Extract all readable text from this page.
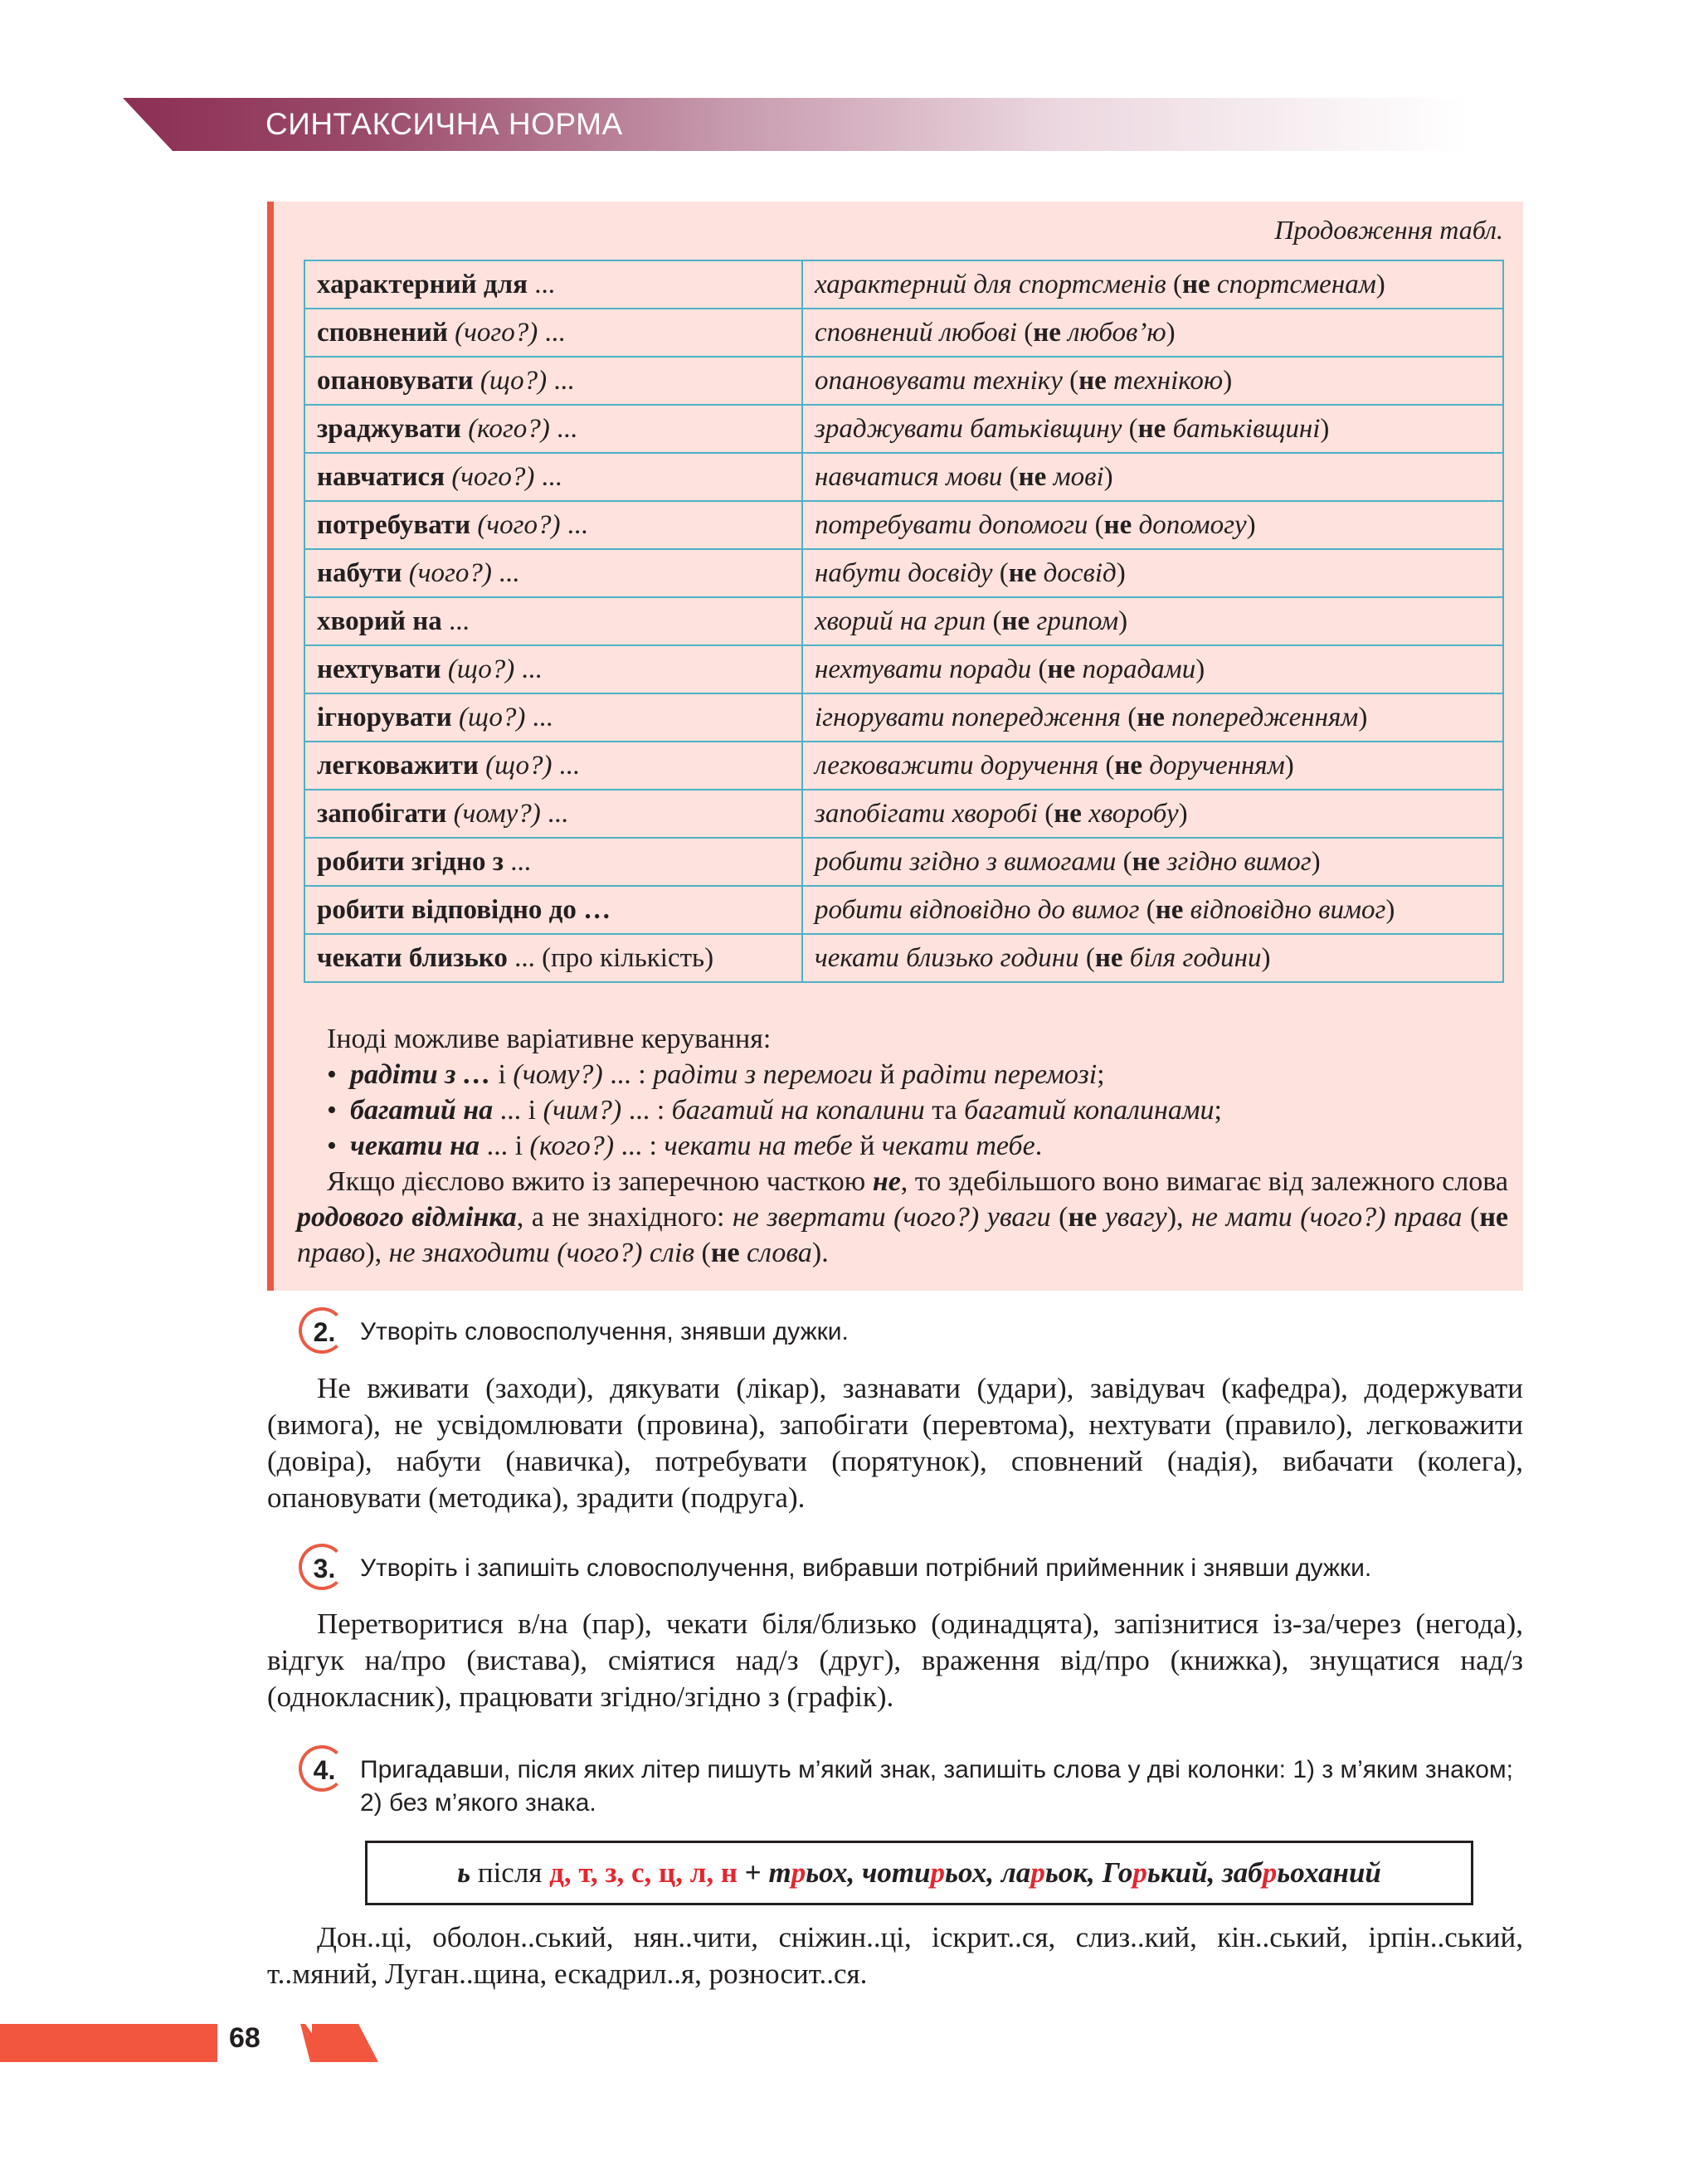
СИНТАКСИЧНА НОРМА
Продовження табл.
характерний для ...	характерний для спортсменів (не спортсменам)
сповнений (чого?) ...	сповнений любові (не любов’ю)
опановувати (що?) ...	опановувати техніку (не технікою)
зраджувати (кого?) ...	зраджувати батьківщину (не батьківщині)
навчатися (чого?) ...	навчатися мови (не мові)
потребувати (чого?) ...	потребувати допомоги (не допомогу)
набути (чого?) ...	набути досвіду (не досвід)
хворий на ...	хворий на грип (не грипом)
нехтувати (що?) ...	нехтувати поради (не порадами)
ігнорувати (що?) ...	ігнорувати попередження (не попередженням)
легковажити (що?) ...	легковажити доручення (не дорученням)
запобігати (чому?) ...	запобігати хворобі (не хворобу)
робити згідно з ...	робити згідно з вимогами (не згідно вимог)
робити відповідно до …	робити відповідно до вимог (не відповідно вимог)
чекати близько ... (про кількість)	чекати близько години (не біля години)

Іноді можливе варіативне керування:

• радіти з … і (чому?) ... : радіти з перемоги й радіти перемозі;

• багатий на ... і (чим?) ... : багатий на копалини та багатий копалинами;

• чекати на ... і (кого?) ... : чекати на тебе й чекати тебе.

Якщо дієслово вжито із заперечною часткою не, то здебільшого воно вимагає від залежного слова родового відмінка, а не знахідного: не звертати (чого?) уваги (не увагу), не мати (чого?) права (не право), не знаходити (чого?) слів (не слова).

2. Утворіть словосполучення, знявши дужки.
Не вживати (заходи), дякувати (лікар), зазнавати (удари), завідувач (кафедра), додержувати (вимога), не усвідомлювати (провина), запобігати (перевтома), нехтувати (правило), легковажити (довіра), набути (навичка), потребувати (порятунок), сповнений (надія), вибачати (колега), опановувати (методика), зрадити (подруга).
3. Утворіть і запишіть словосполучення, вибравши потрібний прийменник і знявши дужки.
Перетворитися в/на (пар), чекати біля/близько (одинадцята), запізнитися із-за/через (негода), відгук на/про (вистава), сміятися над/з (друг), враження від/про (книжка), знущатися над/з (однокласник), працювати згідно/згідно з (графік).
4. Пригадавши, після яких літер пишуть м’який знак, запишіть слова у дві колонки: 1) з м’яким знаком; 2) без м’якого знака.
ь після д, т, з, с, ц, л, н + трьох, чотирьох, ларьок, Горький, забрьоханий
Дон..ці, оболон..ський, нян..чити, сніжин..ці, іскрит..ся, слиз..кий, кін..ський, ірпін..ський, т..мяний, Луган..щина, ескадрил..я, розносит..ся.
68
